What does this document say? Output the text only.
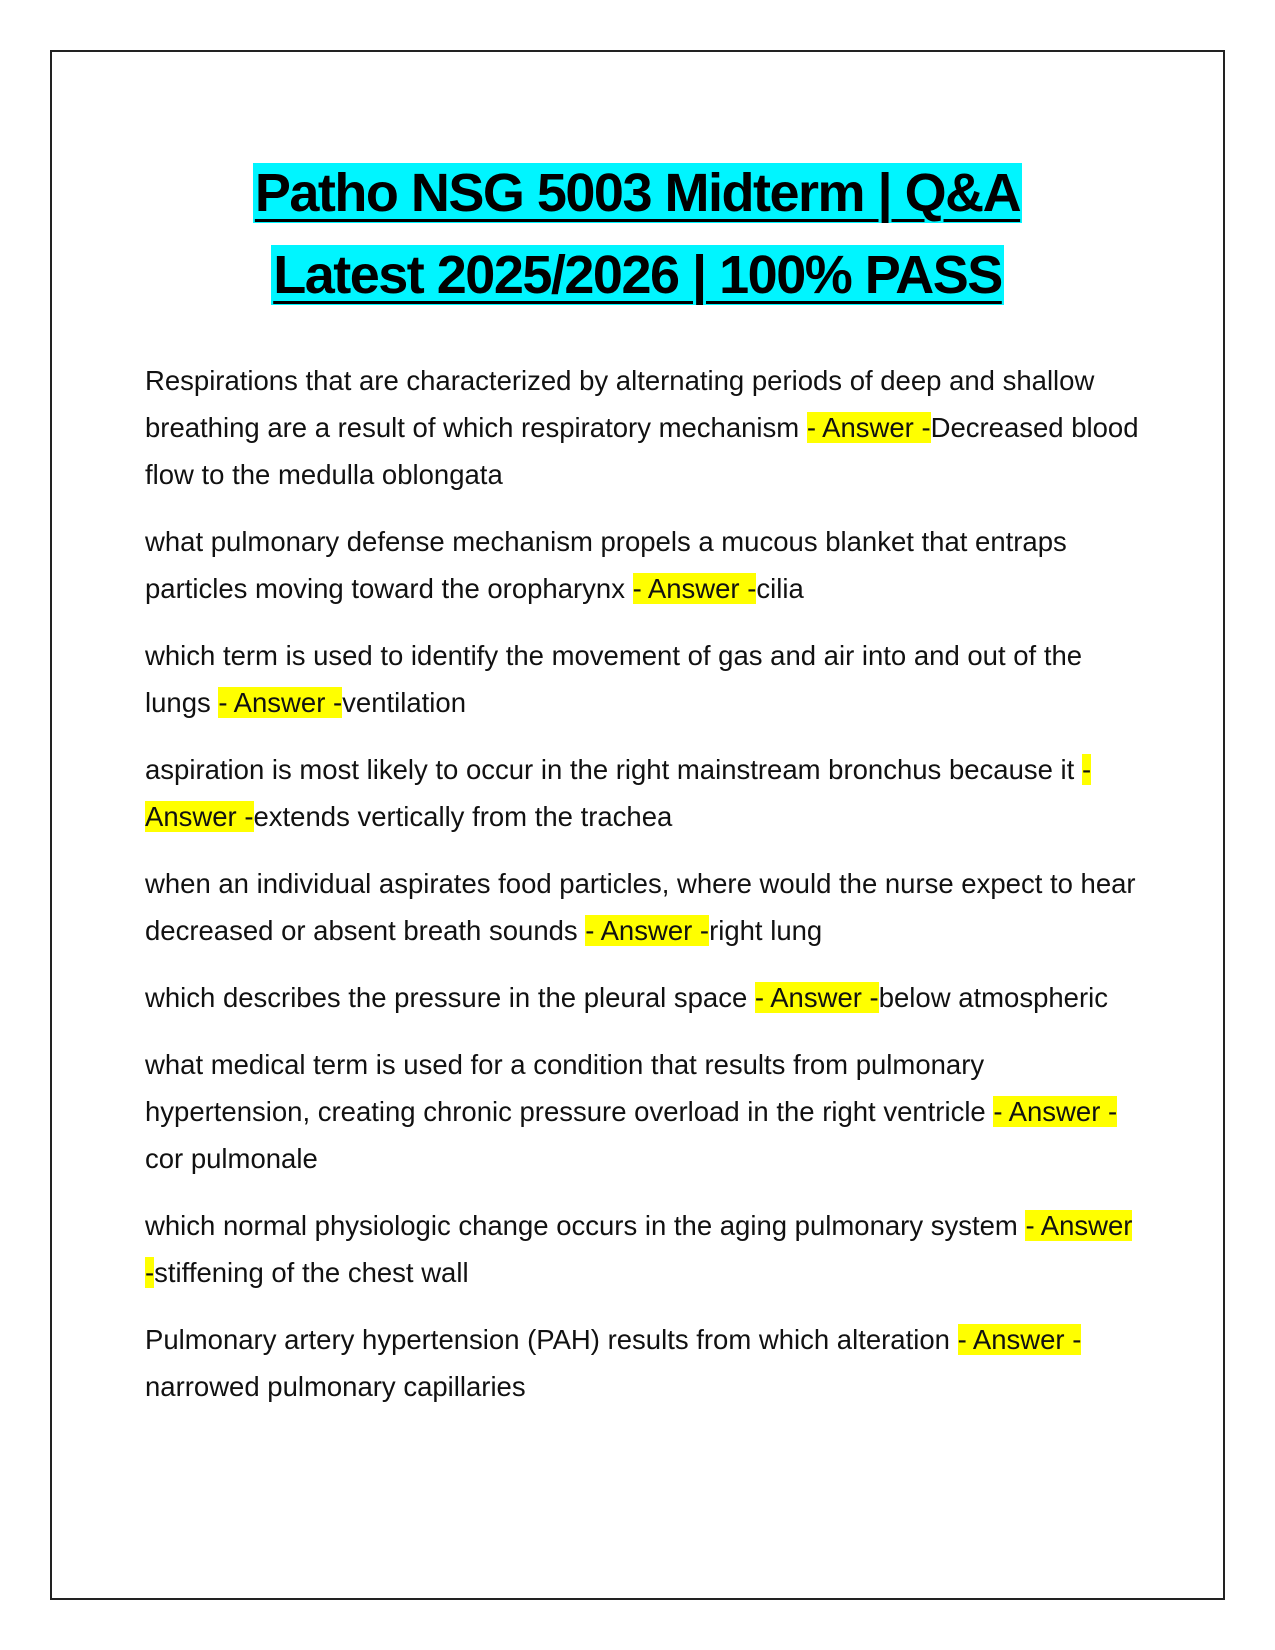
Patho NSG 5003 Midterm | Q&A
Latest 2025/2026 | 100% PASS

Respirations that are characterized by alternating periods of deep and shallow breathing are a result of which respiratory mechanism - Answer -Decreased blood flow to the medulla oblongata

what pulmonary defense mechanism propels a mucous blanket that entraps particles moving toward the oropharynx - Answer -cilia

which term is used to identify the movement of gas and air into and out of the lungs - Answer -ventilation

aspiration is most likely to occur in the right mainstream bronchus because it - Answer -extends vertically from the trachea

when an individual aspirates food particles, where would the nurse expect to hear decreased or absent breath sounds - Answer -right lung

which describes the pressure in the pleural space - Answer -below atmospheric

what medical term is used for a condition that results from pulmonary hypertension, creating chronic pressure overload in the right ventricle - Answer -cor pulmonale

which normal physiologic change occurs in the aging pulmonary system - Answer -stiffening of the chest wall

Pulmonary artery hypertension (PAH) results from which alteration - Answer -narrowed pulmonary capillaries
